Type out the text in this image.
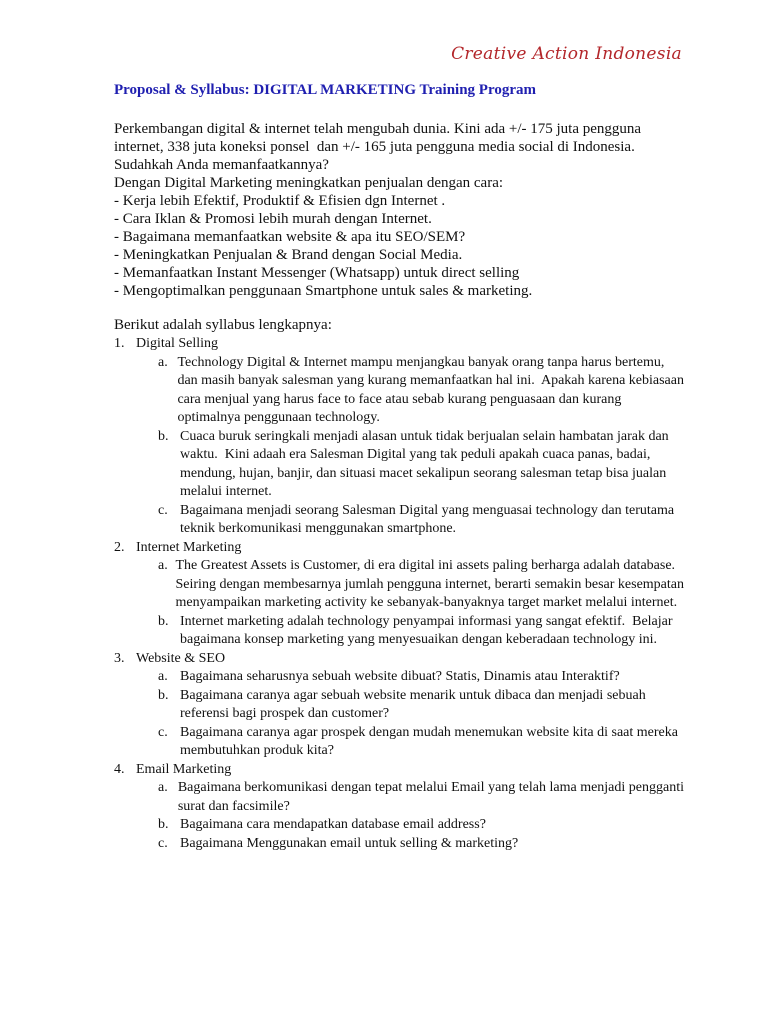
Creative Action Indonesia
Proposal & Syllabus: DIGITAL MARKETING Training Program
Perkembangan digital & internet telah mengubah dunia. Kini ada +/- 175 juta pengguna
internet, 338 juta koneksi ponsel  dan +/- 165 juta pengguna media social di Indonesia.
Sudahkah Anda memanfaatkannya?
Dengan Digital Marketing meningkatkan penjualan dengan cara:
- Kerja lebih Efektif, Produktif & Efisien dgn Internet .
- Cara Iklan & Promosi lebih murah dengan Internet.
- Bagaimana memanfaatkan website & apa itu SEO/SEM?
- Meningkatkan Penjualan & Brand dengan Social Media.
- Memanfaatkan Instant Messenger (Whatsapp) untuk direct selling
- Mengoptimalkan penggunaan Smartphone untuk sales & marketing.
Berikut adalah syllabus lengkapnya:
1. Digital Selling
a. Technology Digital & Internet mampu menjangkau banyak orang tanpa harus bertemu,
dan masih banyak salesman yang kurang memanfaatkan hal ini.  Apakah karena kebiasaan
cara menjual yang harus face to face atau sebab kurang penguasaan dan kurang
optimalnya penggunaan technology.
b. Cuaca buruk seringkali menjadi alasan untuk tidak berjualan selain hambatan jarak dan
waktu.  Kini adaah era Salesman Digital yang tak peduli apakah cuaca panas, badai,
mendung, hujan, banjir, dan situasi macet sekalipun seorang salesman tetap bisa jualan
melalui internet.
c. Bagaimana menjadi seorang Salesman Digital yang menguasai technology dan terutama
teknik berkomunikasi menggunakan smartphone.
2. Internet Marketing
a. The Greatest Assets is Customer, di era digital ini assets paling berharga adalah database.
Seiring dengan membesarnya jumlah pengguna internet, berarti semakin besar kesempatan
menyampaikan marketing activity ke sebanyak-banyaknya target market melalui internet.
b. Internet marketing adalah technology penyampai informasi yang sangat efektif.  Belajar
bagaimana konsep marketing yang menyesuaikan dengan keberadaan technology ini.
3. Website & SEO
a. Bagaimana seharusnya sebuah website dibuat? Statis, Dinamis atau Interaktif?
b. Bagaimana caranya agar sebuah website menarik untuk dibaca dan menjadi sebuah
referensi bagi prospek dan customer?
c. Bagaimana caranya agar prospek dengan mudah menemukan website kita di saat mereka
membutuhkan produk kita?
4. Email Marketing
a. Bagaimana berkomunikasi dengan tepat melalui Email yang telah lama menjadi pengganti
surat dan facsimile?
b. Bagaimana cara mendapatkan database email address?
c. Bagaimana Menggunakan email untuk selling & marketing?
